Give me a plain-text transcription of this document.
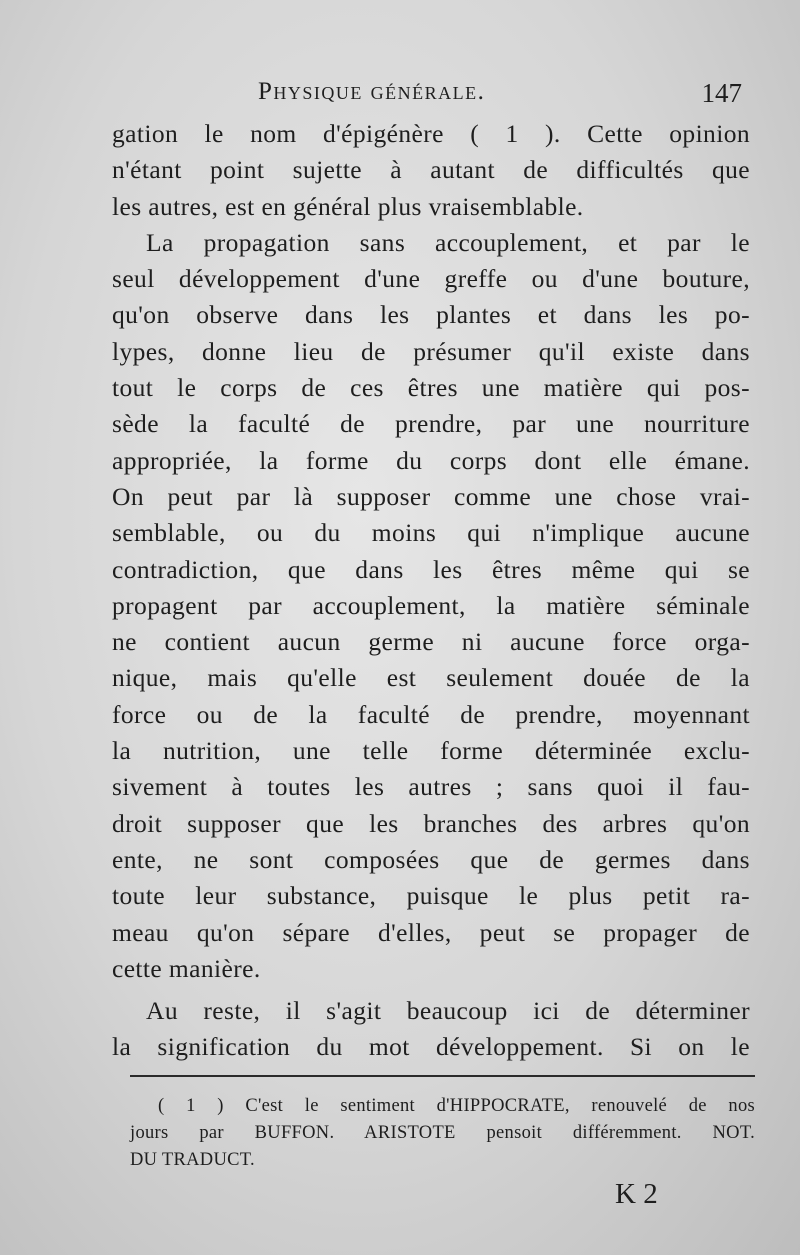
Physique générale.	147
gation le nom d'épigénère ( 1 ). Cette opinion
n'étant point sujette à autant de difficultés que
les autres, est en général plus vraisemblable.
La propagation sans accouplement, et par le
seul développement d'une greffe ou d'une bouture,
qu'on observe dans les plantes et dans les po-
lypes, donne lieu de présumer qu'il existe dans
tout le corps de ces êtres une matière qui pos-
sède la faculté de prendre, par une nourriture
appropriée, la forme du corps dont elle émane.
On peut par là supposer comme une chose vrai-
semblable, ou du moins qui n'implique aucune
contradiction, que dans les êtres même qui se
propagent par accouplement, la matière séminale
ne contient aucun germe ni aucune force orga-
nique, mais qu'elle est seulement douée de la
force ou de la faculté de prendre, moyennant
la nutrition, une telle forme déterminée exclu-
sivement à toutes les autres ; sans quoi il fau-
droit supposer que les branches des arbres qu'on
ente, ne sont composées que de germes dans
toute leur substance, puisque le plus petit ra-
meau qu'on sépare d'elles, peut se propager de
cette manière.
Au reste, il s'agit beaucoup ici de déterminer
la signification du mot développement. Si on le
( 1 ) C'est le sentiment d'HIPPOCRATE, renouvelé de nos
jours par BUFFON. ARISTOTE pensoit différemment. NOT.
DU TRADUCT.
K 2
